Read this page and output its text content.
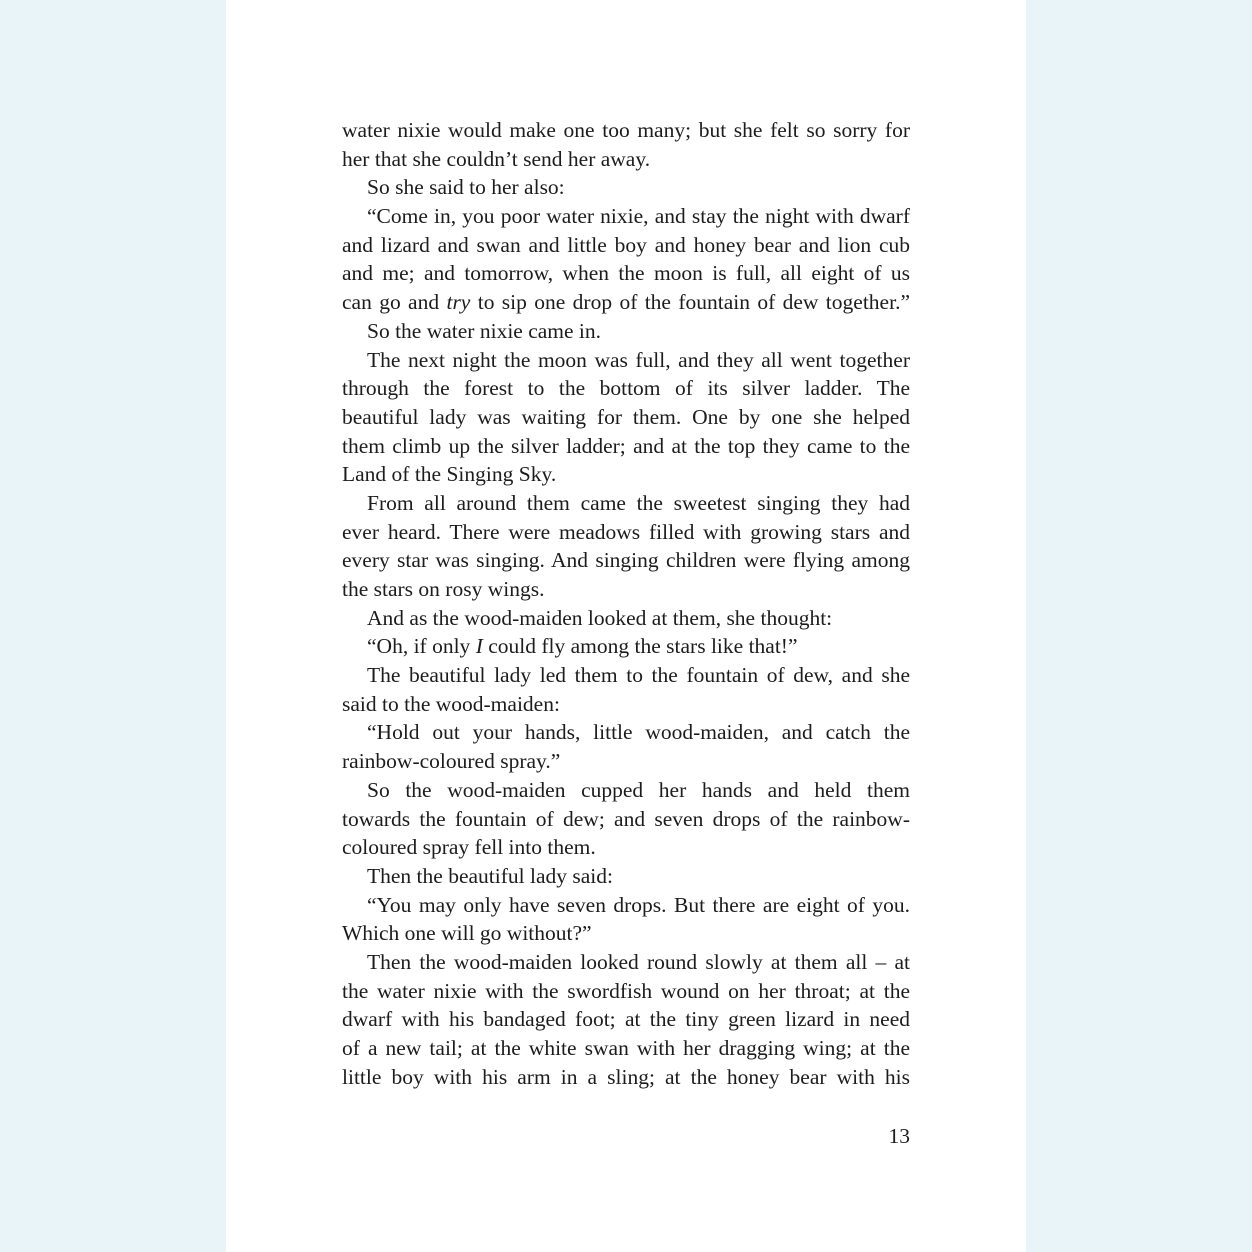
water nixie would make one too many; but she felt so sorry for
her that she couldn’t send her away.
So she said to her also:
“Come in, you poor water nixie, and stay the night with dwarf
and lizard and swan and little boy and honey bear and lion cub
and me; and tomorrow, when the moon is full, all eight of us
can go and try to sip one drop of the fountain of dew together.”
So the water nixie came in.
The next night the moon was full, and they all went together
through the forest to the bottom of its silver ladder. The
beautiful lady was waiting for them. One by one she helped
them climb up the silver ladder; and at the top they came to the
Land of the Singing Sky.
From all around them came the sweetest singing they had
ever heard. There were meadows filled with growing stars and
every star was singing. And singing children were flying among
the stars on rosy wings.
And as the wood-maiden looked at them, she thought:
“Oh, if only I could fly among the stars like that!”
The beautiful lady led them to the fountain of dew, and she
said to the wood-maiden:
“Hold out your hands, little wood-maiden, and catch the
rainbow-coloured spray.”
So the wood-maiden cupped her hands and held them
towards the fountain of dew; and seven drops of the rainbow-
coloured spray fell into them.
Then the beautiful lady said:
“You may only have seven drops. But there are eight of you.
Which one will go without?”
Then the wood-maiden looked round slowly at them all – at
the water nixie with the swordfish wound on her throat; at the
dwarf with his bandaged foot; at the tiny green lizard in need
of a new tail; at the white swan with her dragging wing; at the
little boy with his arm in a sling; at the honey bear with his
13
